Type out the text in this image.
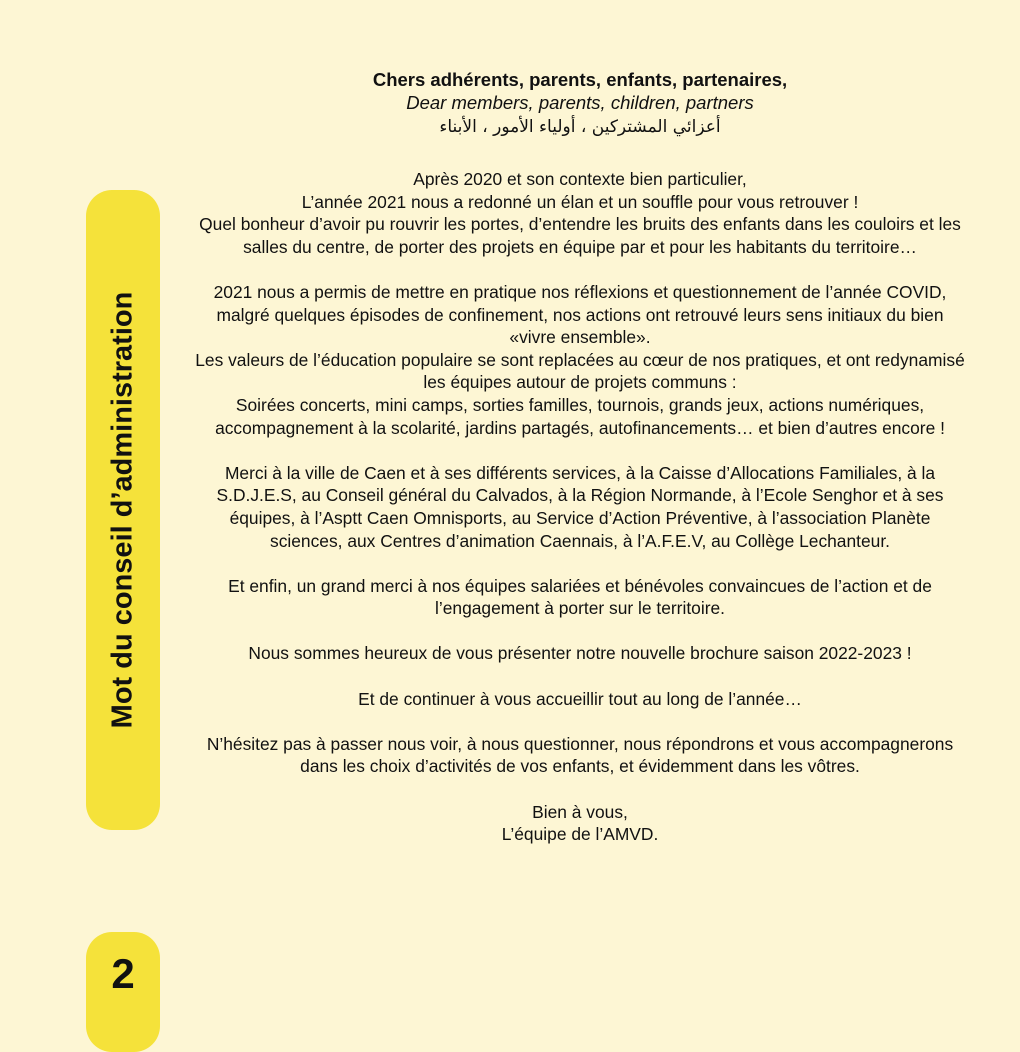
Mot du conseil d’administration
2
Chers adhérents, parents, enfants, partenaires,
Dear members, parents, children, partners
أعزائي المشتركين ، أولياء الأمور ، الأبناء
Après 2020 et son contexte bien particulier,
L’année 2021 nous a redonné un élan et un souffle pour vous retrouver !
Quel bonheur d’avoir pu rouvrir les portes, d’entendre les bruits des enfants dans les couloirs et les
salles du centre, de porter des projets en équipe par et pour les habitants du territoire…
2021 nous a permis de mettre en pratique nos réflexions et questionnement de l’année COVID,
malgré quelques épisodes de confinement, nos actions ont retrouvé leurs sens initiaux du bien
«vivre ensemble».
Les valeurs de l’éducation populaire se sont replacées au cœur de nos pratiques, et ont redynamisé
les équipes autour de projets communs :
Soirées concerts, mini camps, sorties familles, tournois, grands jeux, actions numériques,
accompagnement à la scolarité, jardins partagés, autofinancements… et bien d’autres encore !
Merci à la ville de Caen et à ses différents services, à la Caisse d’Allocations Familiales, à la
S.D.J.E.S, au Conseil général du Calvados, à la Région Normande, à l’Ecole Senghor et à ses
équipes, à l’Asptt Caen Omnisports, au Service d’Action Préventive, à l’association Planète
sciences, aux Centres d’animation Caennais, à l’A.F.E.V, au Collège Lechanteur.
Et enfin, un grand merci à nos équipes salariées et bénévoles convaincues de l’action et de
l’engagement à porter sur le territoire.
Nous sommes heureux de vous présenter notre nouvelle brochure saison 2022-2023 !
Et de continuer à vous accueillir tout au long de l’année…
N’hésitez pas à passer nous voir, à nous questionner, nous répondrons et vous accompagnerons
dans les choix d’activités de vos enfants, et évidemment dans les vôtres.
Bien à vous,
L’équipe de l’AMVD.
